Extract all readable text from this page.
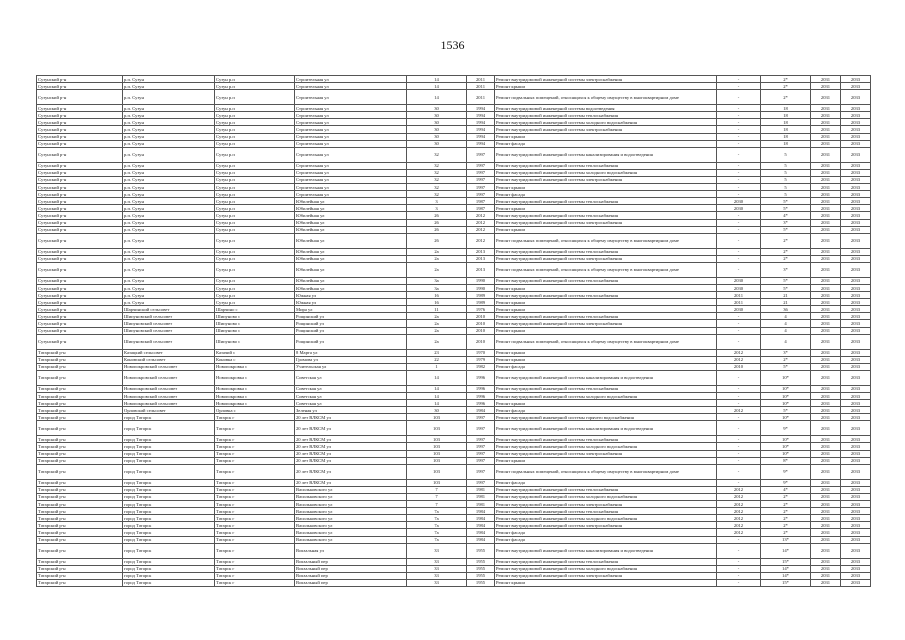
1536
Сузунский р-н	р.п. Сузун	Сузун р.п	Строительная ул	14	2011	Ремонт внутридомовой инженерной системы электроснабжения	-	2*	2031	2033
Сузунский р-н	р.п. Сузун	Сузун р.п	Строительная ул	14	2011	Ремонт крыши	-	2*	2031	2033
Сузунский р-н	р.п. Сузун	Сузун р.п	Строительная ул	14	2011	Ремонт подвальных помещений, относящихся к общему имуществу в многоквартирном доме	-	2*	2031	2033
Сузунский р-н	р.п. Сузун	Сузун р.п	Строительная ул	30	1994	Ремонт внутридомовой инженерной системы водоотведения	-	18	2031	2033
Сузунский р-н	р.п. Сузун	Сузун р.п	Строительная ул	30	1994	Ремонт внутридомовой инженерной системы теплоснабжения	-	18	2031	2033
Сузунский р-н	р.п. Сузун	Сузун р.п	Строительная ул	30	1994	Ремонт внутридомовой инженерной системы холодного водоснабжения	-	18	2031	2033
Сузунский р-н	р.п. Сузун	Сузун р.п	Строительная ул	30	1994	Ремонт внутридомовой инженерной системы электроснабжения	-	18	2031	2033
Сузунский р-н	р.п. Сузун	Сузун р.п	Строительная ул	30	1994	Ремонт крыши	-	18	2031	2033
Сузунский р-н	р.п. Сузун	Сузун р.п	Строительная ул	30	1994	Ремонт фасада	-	18	2031	2033
Сузунский р-н	р.п. Сузун	Сузун р.п	Строительная ул	32	1997	Ремонт внутридомовой инженерной системы канализирования и водоотведения	-	5	2031	2033
Сузунский р-н	р.п. Сузун	Сузун р.п	Строительная ул	32	1997	Ремонт внутридомовой инженерной системы теплоснабжения	-	5	2031	2033
Сузунский р-н	р.п. Сузун	Сузун р.п	Строительная ул	32	1997	Ремонт внутридомовой инженерной системы холодного водоснабжения	-	5	2031	2033
Сузунский р-н	р.п. Сузун	Сузун р.п	Строительная ул	32	1997	Ремонт внутридомовой инженерной системы электроснабжения	-	5	2031	2033
Сузунский р-н	р.п. Сузун	Сузун р.п	Строительная ул	32	1997	Ремонт крыши	-	5	2031	2033
Сузунский р-н	р.п. Сузун	Сузун р.п	Строительная ул	32	1997	Ремонт фасада	-	5	2031	2033
Сузунский р-н	р.п. Сузун	Сузун р.п	Юбилейная ул	3	1987	Ремонт внутридомовой инженерной системы теплоснабжения	2030	5*	2031	2033
Сузунский р-н	р.п. Сузун	Сузун р.п	Юбилейная ул	3	1987	Ремонт крыши	2030	5*	2031	2033
Сузунский р-н	р.п. Сузун	Сузун р.п	Юбилейная ул	26	2012	Ремонт внутридомовой инженерной системы теплоснабжения	-	4*	2031	2033
Сузунский р-н	р.п. Сузун	Сузун р.п	Юбилейная ул	26	2012	Ремонт внутридомовой инженерной системы электроснабжения	-	3*	2031	2033
Сузунский р-н	р.п. Сузун	Сузун р.п	Юбилейная ул	26	2012	Ремонт крыши	-	5*	2031	2033
Сузунский р-н	р.п. Сузун	Сузун р.п	Юбилейная ул	26	2012	Ремонт подвальных помещений, относящихся к общему имуществу в многоквартирном доме	-	2*	2031	2033
Сузунский р-н	р.п. Сузун	Сузун р.п	Юбилейная ул	2а	2013	Ремонт внутридомовой инженерной системы теплоснабжения	-	2*	2031	2033
Сузунский р-н	р.п. Сузун	Сузун р.п	Юбилейная ул	2а	2013	Ремонт внутридомовой инженерной системы электроснабжения	-	2*	2031	2033
Сузунский р-н	р.п. Сузун	Сузун р.п	Юбилейная ул	2а	2013	Ремонт подвальных помещений, относящихся к общему имуществу в многоквартирном доме	-	3*	2031	2033
Сузунский р-н	р.п. Сузун	Сузун р.п	Юбилейная ул	3а	1990	Ремонт внутридомовой инженерной системы теплоснабжения	2030	5*	2031	2033
Сузунский р-н	р.п. Сузун	Сузун р.п	Юбилейная ул	3а	1990	Ремонт крыши	2030	5*	2031	2033
Сузунский р-н	р.п. Сузун	Сузун р.п	Южная ул	16	1989	Ремонт внутридомовой инженерной системы теплоснабжения	2011	21	2031	2033
Сузунский р-н	р.п. Сузун	Сузун р.п	Южная ул	16	1989	Ремонт крыши	2011	21	2031	2033
Сузунский р-н	Шарчинский сельсовет	Шарчино с	Мира ул	11	1976	Ремонт крыши	2030	36	2031	2033
Сузунский р-н	Шипуновский сельсовет	Шипуново с	Рощинский ул	2а	2010	Ремонт внутридомовой инженерной системы теплоснабжения	-	4	2031	2033
Сузунский р-н	Шипуновский сельсовет	Шипуново с	Рощинский ул	2а	2010	Ремонт внутридомовой инженерной системы электроснабжения	-	4	2031	2033
Сузунский р-н	Шипуновский сельсовет	Шипуново с	Рощинский ул	2а	2010	Ремонт крыши	-	4	2031	2033
Сузунский р-н	Шипуновский сельсовет	Шипуново с	Рощинский ул	2а	2010	Ремонт подвальных помещений, относящихся к общему имуществу в многоквартирном доме	-	4	2031	2033
Татарский р-н	Казацкий сельсовет	Казачий с	8 Марта ул	23	1970	Ремонт крыши	2012	3*	2031	2033
Татарский р-н	Коновский сельсовет	Коновка с	Громова ул	22	1979	Ремонт крыши	2012	2*	2031	2033
Татарский р-н	Новопокровский сельсовет	Новопокровка с	Учительская ул	1	1982	Ремонт фасада	2010	5*	2031	2033
Татарский р-н	Новопокровский сельсовет	Новопокровка с	Советская ул	14	1996	Ремонт внутридомовой инженерной системы канализирования и водоотведения	-	10*	2031	2033
Татарский р-н	Новопокровский сельсовет	Новопокровка с	Советская ул	14	1996	Ремонт внутридомовой инженерной системы теплоснабжения	-	10*	2031	2033
Татарский р-н	Новопокровский сельсовет	Новопокровка с	Советская ул	14	1996	Ремонт внутридомовой инженерной системы холодного водоснабжения	-	10*	2031	2033
Татарский р-н	Новопокровский сельсовет	Новопокровка с	Советская ул	14	1996	Ремонт крыши	-	10*	2031	2033
Татарский р-н	Орловский сельсовет	Орловка с	Зеленая ул	30	1984	Ремонт фасада	2012	5*	2031	2033
Татарский р-н	город Татарск	Татарск г	20 лет ВЛКСМ ул	103	1997	Ремонт внутридомовой инженерной системы горячего водоснабжения	-	10*	2031	2033
Татарский р-н	город Татарск	Татарск г	20 лет ВЛКСМ ул	103	1997	Ремонт внутридомовой инженерной системы канализирования и водоотведения	-	9*	2031	2033
Татарский р-н	город Татарск	Татарск г	20 лет ВЛКСМ ул	103	1997	Ремонт внутридомовой инженерной системы теплоснабжения	-	10*	2031	2033
Татарский р-н	город Татарск	Татарск г	20 лет ВЛКСМ ул	103	1997	Ремонт внутридомовой инженерной системы холодного водоснабжения	-	10*	2031	2033
Татарский р-н	город Татарск	Татарск г	20 лет ВЛКСМ ул	103	1997	Ремонт внутридомовой инженерной системы электроснабжения	-	10*	2031	2033
Татарский р-н	город Татарск	Татарск г	20 лет ВЛКСМ ул	103	1997	Ремонт крыши	-	8*	2031	2033
Татарский р-н	город Татарск	Татарск г	20 лет ВЛКСМ ул	103	1997	Ремонт подвальных помещений, относящихся к общему имуществу в многоквартирном доме	-	9*	2031	2033
Татарский р-н	город Татарск	Татарск г	20 лет ВЛКСМ ул	103	1997	Ремонт фасада	-	9*	2031	2033
Татарский р-н	город Татарск	Татарск г	Васильковского ул	7	1981	Ремонт внутридомовой инженерной системы теплоснабжения	2012	4*	2031	2033
Татарский р-н	город Татарск	Татарск г	Васильковского ул	7	1981	Ремонт внутридомовой инженерной системы холодного водоснабжения	2012	2*	2031	2033
Татарский р-н	город Татарск	Татарск г	Васильковского ул	7	1981	Ремонт внутридомовой инженерной системы электроснабжения	2012	2*	2031	2033
Татарский р-н	город Татарск	Татарск г	Васильковского ул	7а	1984	Ремонт внутридомовой инженерной системы теплоснабжения	2012	2*	2031	2033
Татарский р-н	город Татарск	Татарск г	Васильковского ул	7а	1984	Ремонт внутридомовой инженерной системы холодного водоснабжения	2012	2*	2031	2033
Татарский р-н	город Татарск	Татарск г	Васильковского ул	7а	1984	Ремонт внутридомовой инженерной системы электроснабжения	2012	2*	2031	2033
Татарский р-н	город Татарск	Татарск г	Васильковского ул	7а	1984	Ремонт фасада	2012	2*	2031	2033
Татарский р-н	город Татарск	Татарск г	Васильковского ул	7а	1984	Ремонт фасада	-	13*	2031	2033
Татарский р-н	город Татарск	Татарск г	Вокзальная ул	33	1955	Ремонт внутридомовой инженерной системы канализирования и водоотведения	-	14*	2031	2033
Татарский р-н	город Татарск	Татарск г	Вокзальный пер	33	1955	Ремонт внутридомовой инженерной системы теплоснабжения	-	15*	2031	2033
Татарский р-н	город Татарск	Татарск г	Вокзальный пер	33	1955	Ремонт внутридомовой инженерной системы холодного водоснабжения	-	14*	2031	2033
Татарский р-н	город Татарск	Татарск г	Вокзальный пер	33	1955	Ремонт внутридомовой инженерной системы электроснабжения	-	14*	2031	2033
Татарский р-н	город Татарск	Татарск г	Вокзальный пер	33	1955	Ремонт крыши	-	15*	2031	2033
